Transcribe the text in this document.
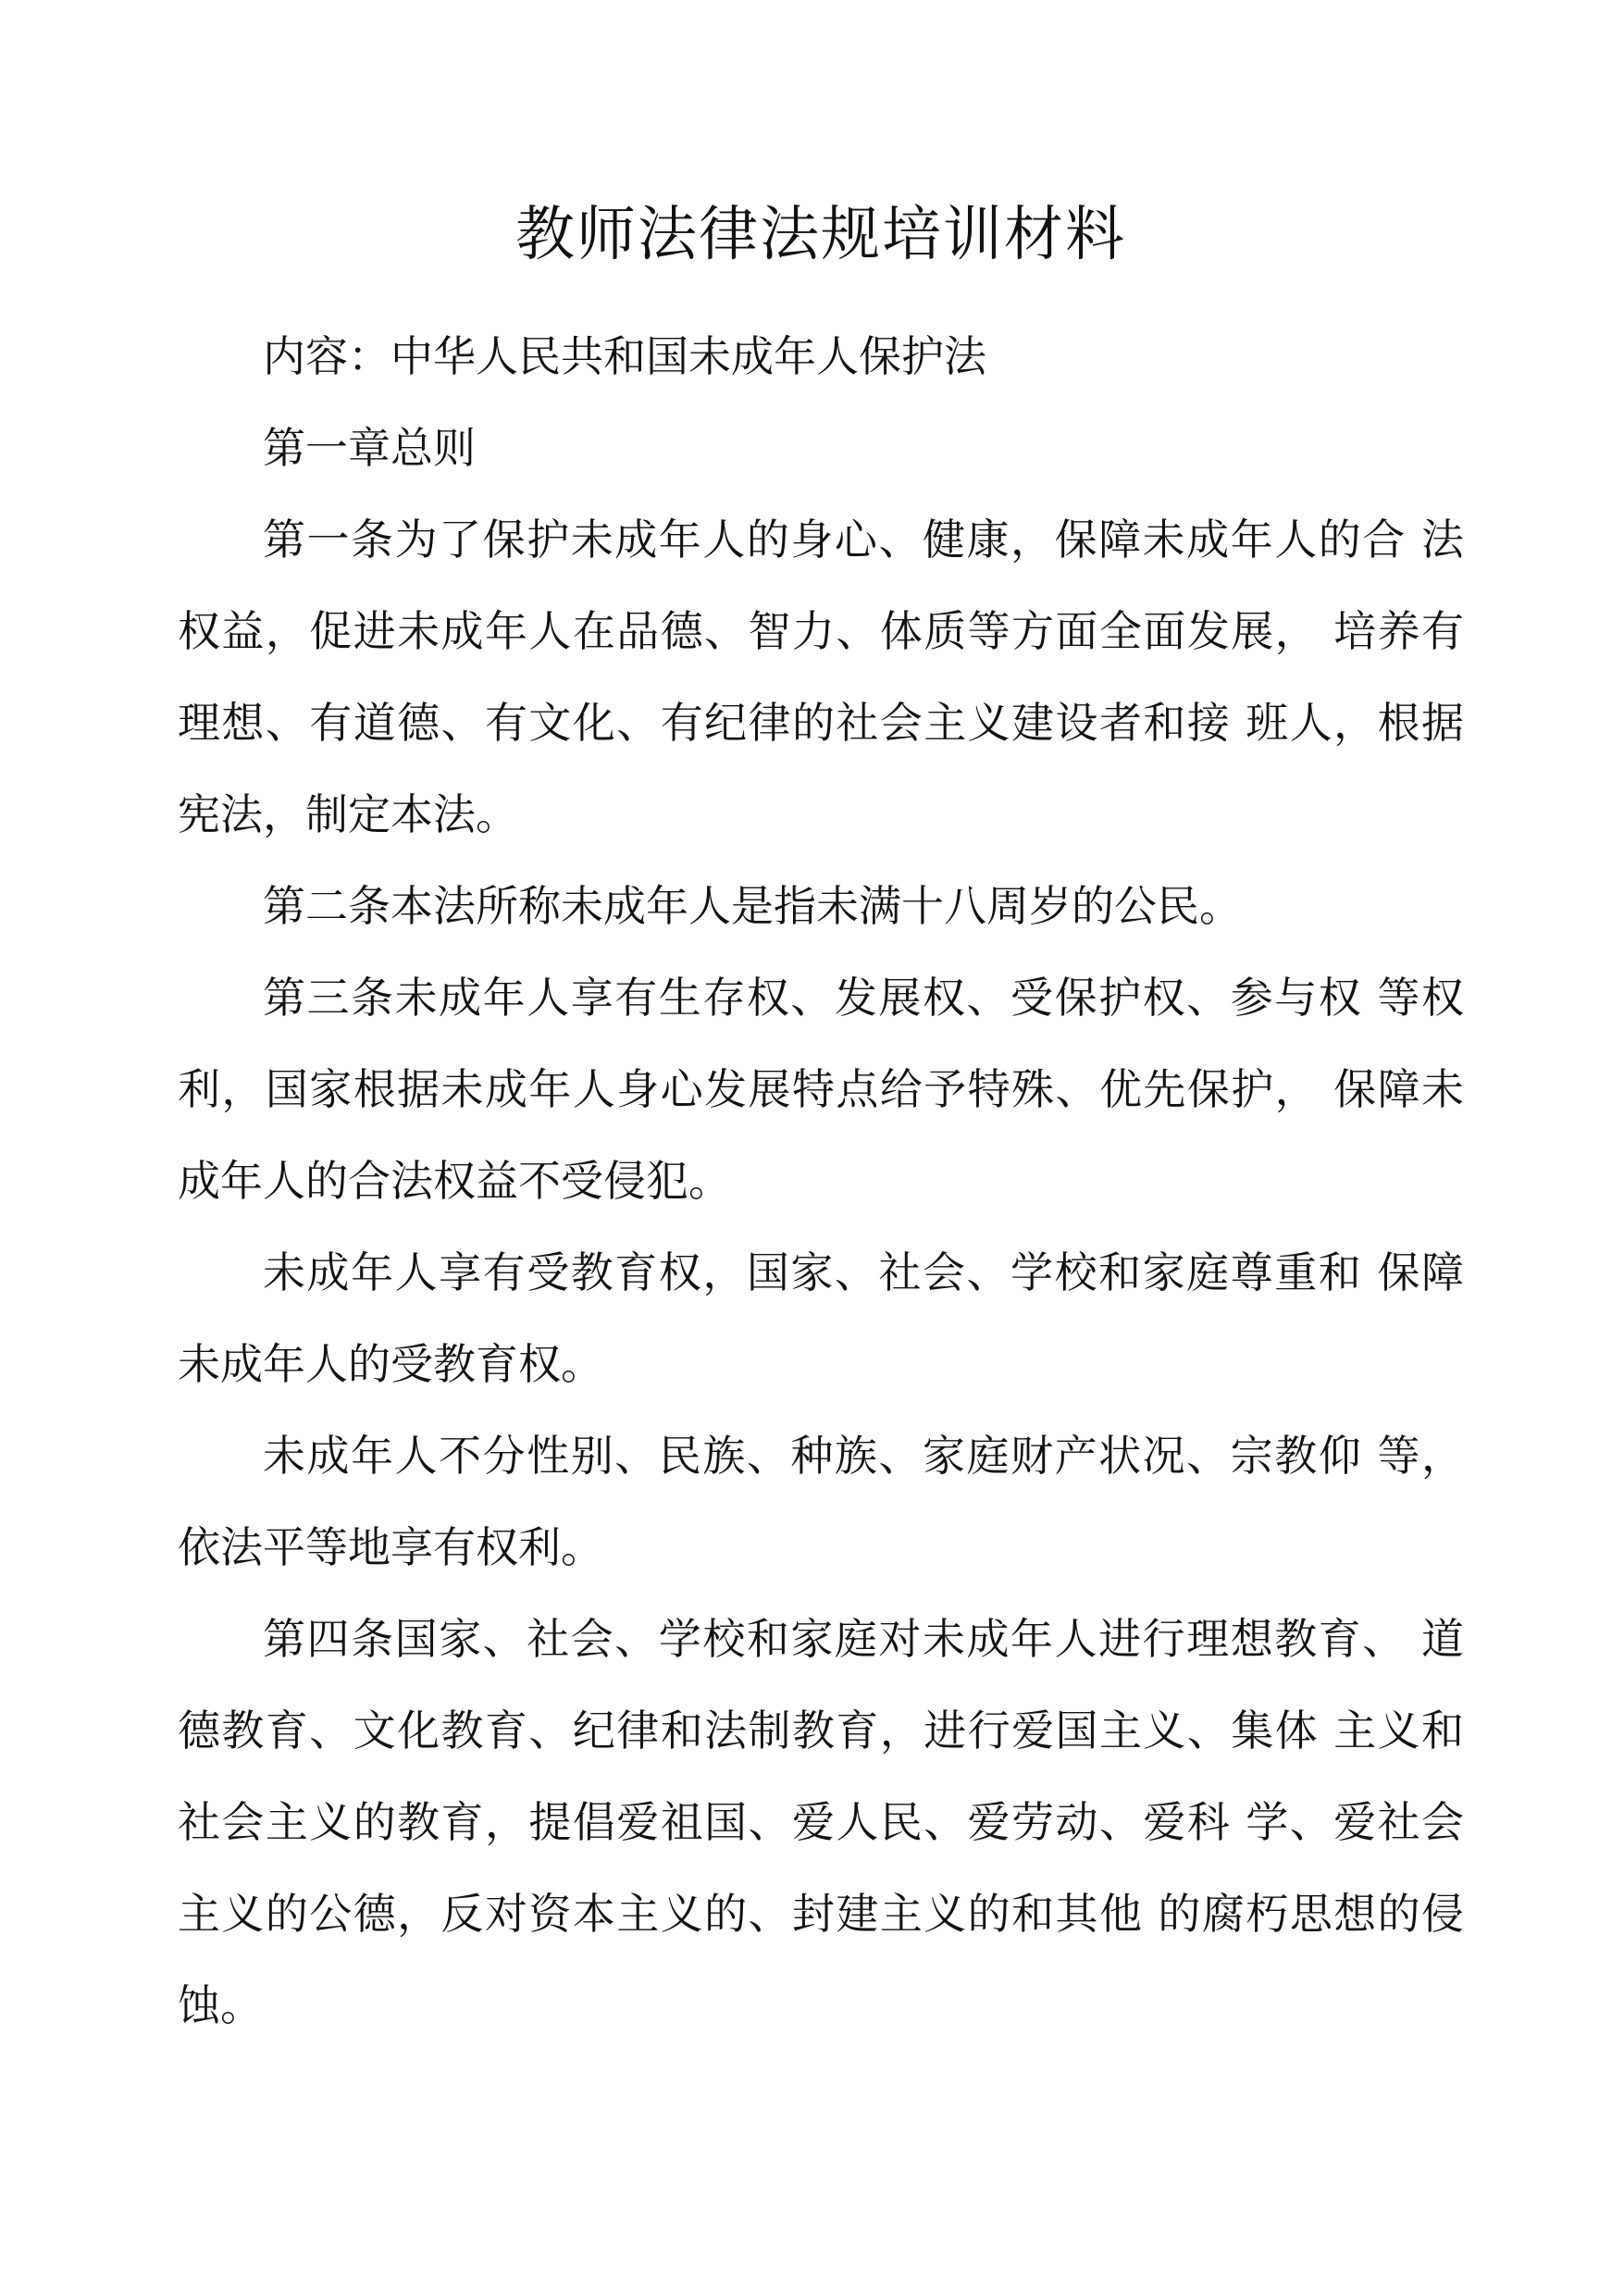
教师法律法规培训材料

内容：中华人民共和国未成年人保护法

第一章总则

第一条为了保护未成年人的身心、健康，保障未成年人的合 法权益，促进未成年人在品德、智力、体质等方面全面发展， 培养有理想、有道德、有文化、有纪律的社会主义建设者和接 班人，根据宪法，制定本法。

第二条本法所称未成年人是指未满十八周岁的公民。

第三条未成年人享有生存权、发展权、受保护权、参与权 等权利，国家根据未成年人身心发展特点给予特殊、优先保护， 保障未成年人的合法权益不受侵犯。

未成年人享有受教育权，国家、社会、学校和家庭尊重和 保障未成年人的受教育权。

未成年人不分性别、民族、种族、家庭财产状况、宗教仰 等，依法平等地享有权利。

第四条国家、社会、学校和家庭对未成年人进行理想教育、 道德教育、文化教育、纪律和法制教育，进行爱国主义、集体 主义和社会主义的教育，提倡爱祖国、爱人民、爱劳动、爱科 学、爱社会主义的公德，反对资本主义的、封建主义的和其他 的腐朽思想的侵蚀。
